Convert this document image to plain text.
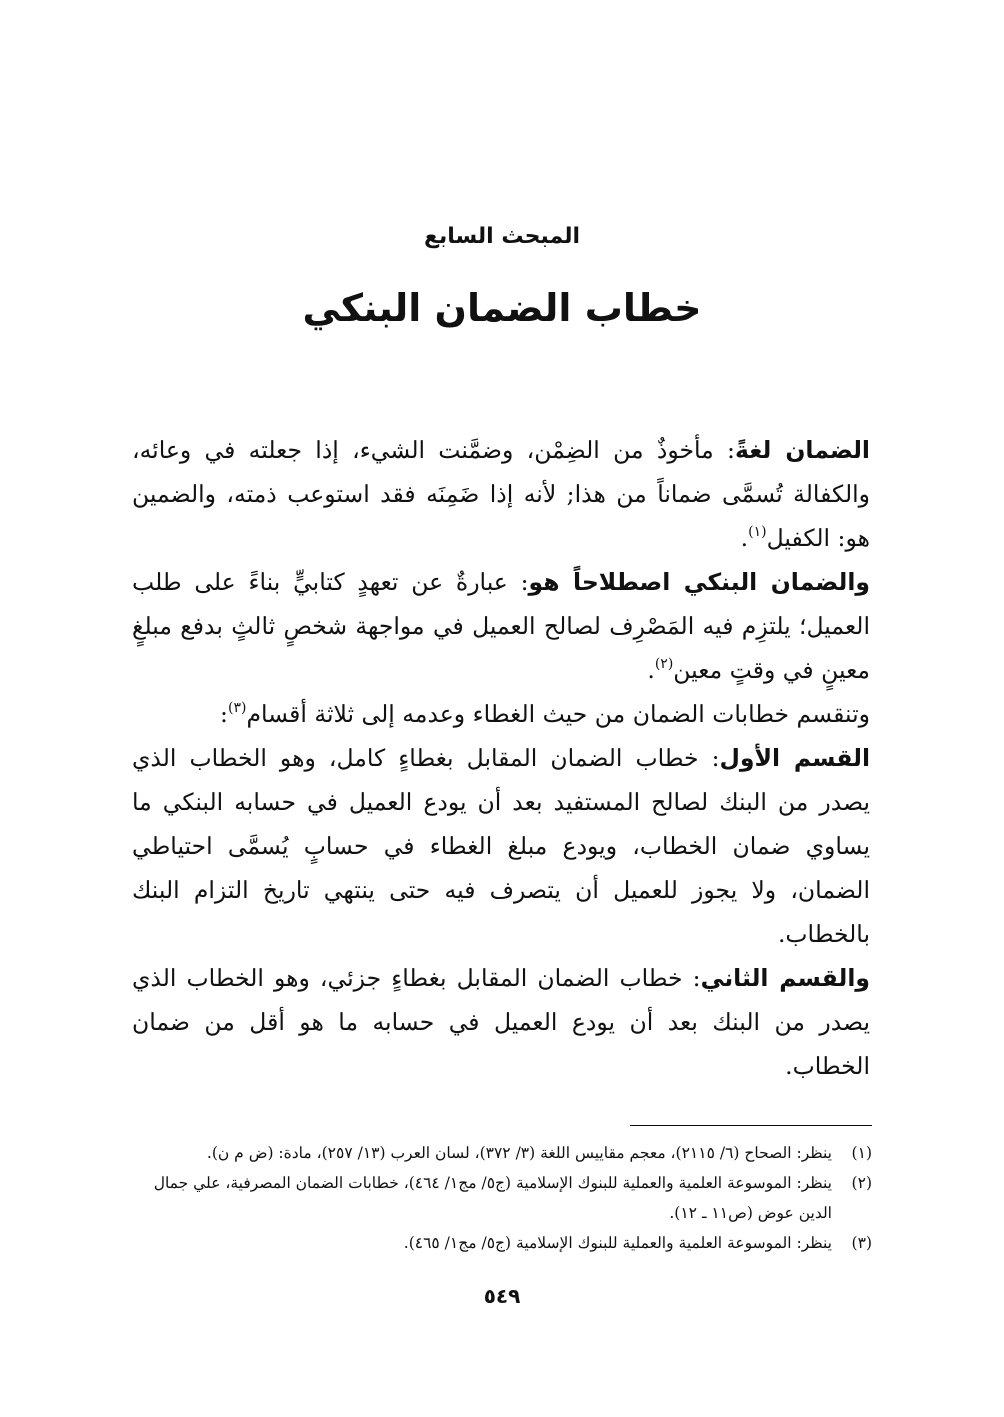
المبحث السابع
خطاب الضمان البنكي

الضمان لغةً: مأخوذٌ من الضِمْن، وضمَّنت الشيء، إذا جعلته في وعائه، والكفالة تُسمَّى ضماناً من هذا; لأنه إذا ضَمِنَه فقد استوعب ذمته، والضمين هو: الكفيل$^{(١)}$.

والضمان البنكي اصطلاحاً هو: عبارةٌ عن تعهدٍ كتابيٍّ بناءً على طلب العميل؛ يلتزِم فيه المَصْرِف لصالح العميل في مواجهة شخصٍ ثالثٍ بدفع مبلغٍ معينٍ في وقتٍ معين$^{(٢)}$.

وتنقسم خطابات الضمان من حيث الغطاء وعدمه إلى ثلاثة أقسام$^{(٣)}$:

القسم الأول: خطاب الضمان المقابل بغطاءٍ كامل، وهو الخطاب الذي يصدر من البنك لصالح المستفيد بعد أن يودع العميل في حسابه البنكي ما يساوي ضمان الخطاب، ويودع مبلغ الغطاء في حسابٍ يُسمَّى احتياطي الضمان، ولا يجوز للعميل أن يتصرف فيه حتى ينتهي تاريخ التزام البنك بالخطاب.

والقسم الثاني: خطاب الضمان المقابل بغطاءٍ جزئي، وهو الخطاب الذي يصدر من البنك بعد أن يودع العميل في حسابه ما هو أقل من ضمان الخطاب.

(١)
ينظر: الصحاح (٦/ ٢١١٥)، معجم مقاييس اللغة (٣/ ٣٧٢)، لسان العرب (١٣/ ٢٥٧)، مادة: (ض م ن).
(٢)
ينظر: الموسوعة العلمية والعملية للبنوك الإسلامية (ج٥/ مج١/ ٤٦٤)، خطابات الضمان المصرفية، علي جمال الدين عوض (ص١١ ـ ١٢).
(٣)
ينظر: الموسوعة العلمية والعملية للبنوك الإسلامية (ج٥/ مج١/ ٤٦٥).
٥٤٩
